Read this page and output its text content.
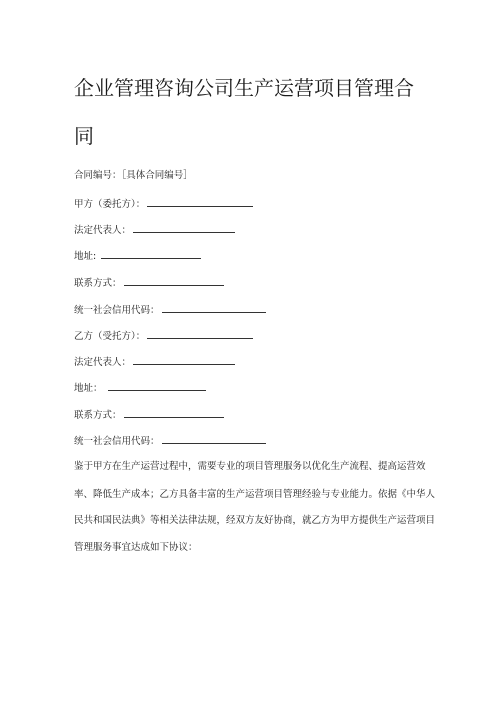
企业管理咨询公司生产运营项目管理合
同
合同编号：［具体合同编号］
甲方（委托方）：
法定代表人：
地址:
联系方式：
统一社会信用代码：
乙方（受托方）：
法定代表人：
地址：
联系方式：
统一社会信用代码：
鉴于甲方在生产运营过程中，需要专业的项目管理服务以优化生产流程、提高运营效
率、降低生产成本；乙方具备丰富的生产运营项目管理经验与专业能力。依据《中华人
民共和国民法典》等相关法律法规，经双方友好协商，就乙方为甲方提供生产运营项目
管理服务事宜达成如下协议：
